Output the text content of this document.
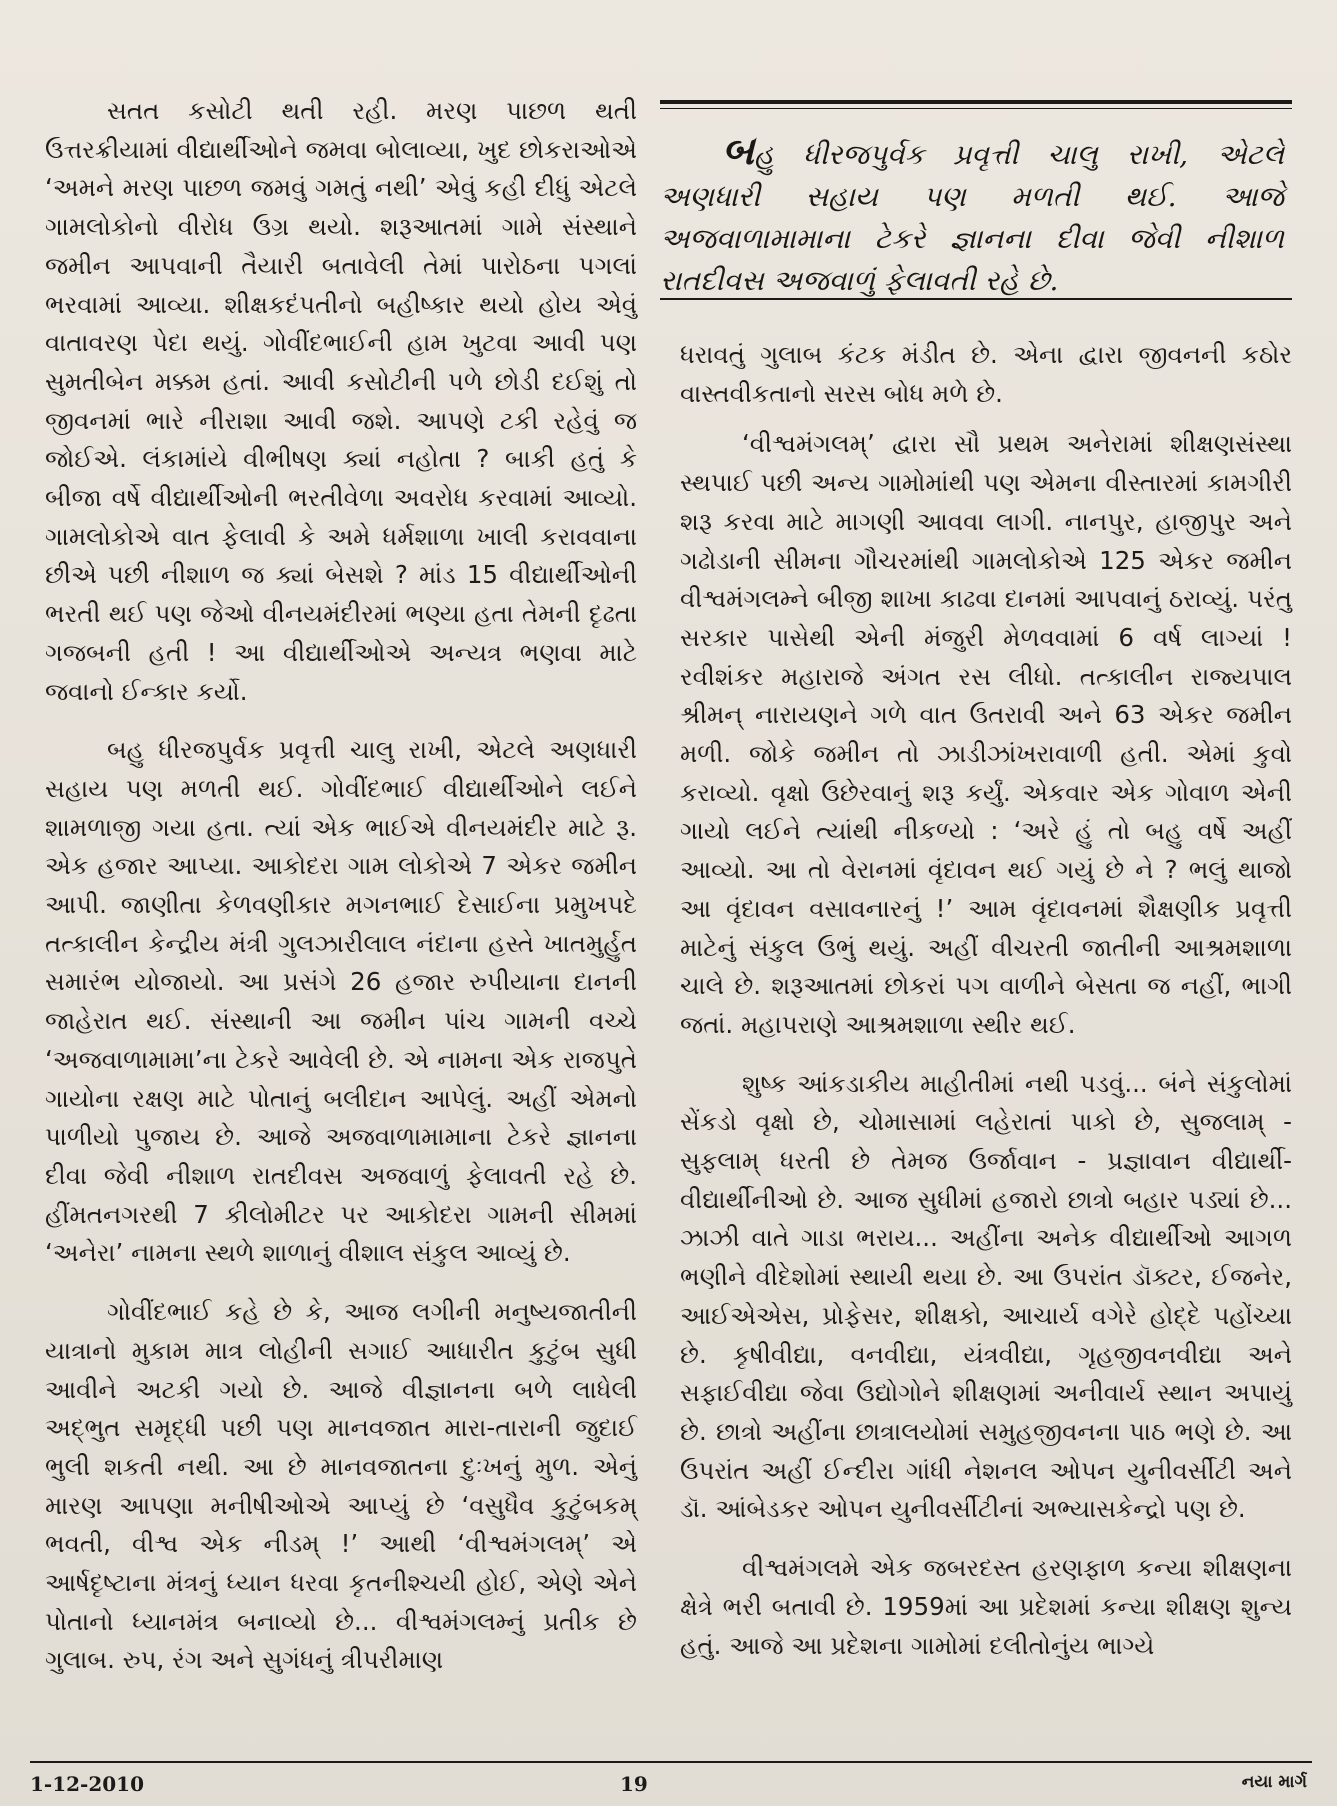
સતત કસોટી થતી રહી. મરણ પાછળ થતી ઉત્તરક્રીયામાં વીદ્યાર્થીઓને જમવા બોલાવ્યા, ખુદ છોકરાઓએ ‘અમને મરણ પાછળ જમવું ગમતું નથી’ એવું કહી દીધું એટલે ગામલોકોનો વીરોધ ઉગ્ર થયો. શરૂઆતમાં ગામે સંસ્થાને જમીન આપવાની તૈયારી બતાવેલી તેમાં પારોઠના પગલાં ભરવામાં આવ્યા. શીક્ષકદંપતીનો બહીષ્કાર થયો હોય એવું વાતાવરણ પેદા થયું. ગોવીંદભાઈની હામ ખુટવા આવી પણ સુમતીબેન મક્કમ હતાં. આવી કસોટીની પળે છોડી દઈશું તો જીવનમાં ભારે નીરાશા આવી જશે. આપણે ટકી રહેવું જ જોઈએ. લંકામાંયે વીભીષણ ક્યાં નહોતા ? બાકી હતું કે બીજા વર્ષે વીદ્યાર્થીઓની ભરતીવેળા અવરોધ કરવામાં આવ્યો. ગામલોકોએ વાત ફેલાવી કે અમે ધર્મશાળા ખાલી કરાવવાના છીએ પછી નીશાળ જ ક્યાં બેસશે ? માંડ 15 વીદ્યાર્થીઓની ભરતી થઈ પણ જેઓ વીનયમંદીરમાં ભણ્યા હતા તેમની દૃઢતા ગજબની હતી ! આ વીદ્યાર્થીઓએ અન્યત્ર ભણવા માટે જવાનો ઈન્કાર કર્યો.

બહુ ધીરજપુર્વક પ્રવૃત્તી ચાલુ રાખી, એટલે અણધારી સહાય પણ મળતી થઈ. ગોવીંદભાઈ વીદ્યાર્થીઓને લઈને શામળાજી ગયા હતા. ત્યાં એક ભાઈએ વીનયમંદીર માટે રૂ. એક હજાર આપ્યા. આકોદરા ગામ લોકોએ 7 એકર જમીન આપી. જાણીતા કેળવણીકાર મગનભાઈ દેસાઈના પ્રમુખપદે તત્કાલીન કેન્દ્રીય મંત્રી ગુલઝારીલાલ નંદાના હસ્તે ખાતમુર્હુત સમારંભ યોજાયો. આ પ્રસંગે 26 હજાર રુપીયાના દાનની જાહેરાત થઈ. સંસ્થાની આ જમીન પાંચ ગામની વચ્ચે ‘અજવાળામામા’ના ટેકરે આવેલી છે. એ નામના એક રાજપુતે ગાયોના રક્ષણ માટે પોતાનું બલીદાન આપેલું. અહીં એમનો પાળીયો પુજાય છે. આજે અજવાળામામાના ટેકરે જ્ઞાનના દીવા જેવી નીશાળ રાતદીવસ અજવાળું ફેલાવતી રહે છે. હીંમતનગરથી 7 કીલોમીટર પર આકોદરા ગામની સીમમાં ‘અનેરા’ નામના સ્થળે શાળાનું વીશાલ સંકુલ આવ્યું છે.

ગોવીંદભાઈ કહે છે કે, આજ લગીની મનુષ્યજાતીની યાત્રાનો મુકામ માત્ર લોહીની સગાઈ આધારીત કુટુંબ સુધી આવીને અટકી ગયો છે. આજે વીજ્ઞાનના બળે લાધેલી અદ્ભુત સમૃદ્ધી પછી પણ માનવજાત મારા-તારાની જુદાઈ ભુલી શકતી નથી. આ છે માનવજાતના દુઃખનું મુળ. એનું મારણ આપણા મનીષીઓએ આપ્યું છે ‘વસુધૈવ કુટુંબકમ્ ભવતી, વીશ્વ એક નીડમ્ !’ આથી ‘વીશ્વમંગલમ્’ એ આર્ષદૃષ્ટાના મંત્રનું ધ્યાન ધરવા કૃતનીશ્ચયી હોઈ, એણે એને પોતાનો ધ્યાનમંત્ર બનાવ્યો છે... વીશ્વમંગલમ્નું પ્રતીક છે ગુલાબ. રુપ, રંગ અને સુગંધનું ત્રીપરીમાણ

બહુ ધીરજપુર્વક પ્રવૃત્તી ચાલુ રાખી, એટલે અણધારી સહાય પણ મળતી થઈ. આજે અજવાળામામાના ટેકરે જ્ઞાનના દીવા જેવી નીશાળ રાતદીવસ અજવાળું ફેલાવતી રહે છે.

ધરાવતું ગુલાબ કંટક મંડીત છે. એના દ્વારા જીવનની કઠોર વાસ્તવીકતાનો સરસ બોધ મળે છે.

‘વીશ્વમંગલમ્’ દ્વારા સૌ પ્રથમ અનેરામાં શીક્ષણસંસ્થા સ્થપાઈ પછી અન્ય ગામોમાંથી પણ એમના વીસ્તારમાં કામગીરી શરૂ કરવા માટે માગણી આવવા લાગી. નાનપુર, હાજીપુર અને ગઢોડાની સીમના ગૌચરમાંથી ગામલોકોએ 125 એકર જમીન વીશ્વમંગલમ્ને બીજી શાખા કાઢવા દાનમાં આપવાનું ઠરાવ્યું. પરંતુ સરકાર પાસેથી એની મંજુરી મેળવવામાં 6 વર્ષ લાગ્યાં ! રવીશંકર મહારાજે અંગત રસ લીધો. તત્કાલીન રાજ્યપાલ શ્રીમન્ નારાયણને ગળે વાત ઉતરાવી અને 63 એકર જમીન મળી. જોકે જમીન તો ઝાડીઝાંખરાવાળી હતી. એમાં કુવો કરાવ્યો. વૃક્ષો ઉછેરવાનું શરૂ કર્યું. એકવાર એક ગોવાળ એની ગાયો લઈને ત્યાંથી નીકળ્યો : ‘અરે હું તો બહુ વર્ષે અહીં આવ્યો. આ તો વેરાનમાં વૃંદાવન થઈ ગયું છે ને ? ભલું થાજો આ વૃંદાવન વસાવનારનું !’ આમ વૃંદાવનમાં શૈક્ષણીક પ્રવૃત્તી માટેનું સંકુલ ઉભું થયું. અહીં વીચરતી જાતીની આશ્રમશાળા ચાલે છે. શરૂઆતમાં છોકરાં પગ વાળીને બેસતા જ નહીં, ભાગી જતાં. મહાપરાણે આશ્રમશાળા સ્થીર થઈ.

શુષ્ક આંકડાકીય માહીતીમાં નથી પડવું... બંને સંકુલોમાં સેંકડો વૃક્ષો છે, ચોમાસામાં લહેરાતાં પાકો છે, સુજલામ્ - સુફલામ્ ધરતી છે તેમજ ઉર્જાવાન - પ્રજ્ઞાવાન વીદ્યાર્થી-વીદ્યાર્થીનીઓ છે. આજ સુધીમાં હજારો છાત્રો બહાર પડ્યાં છે... ઝાઝી વાતે ગાડા ભરાય... અહીંના અનેક વીદ્યાર્થીઓ આગળ ભણીને વીદેશોમાં સ્થાયી થયા છે. આ ઉપરાંત ડૉક્ટર, ઈજનેર, આઈએએસ, પ્રોફેસર, શીક્ષકો, આચાર્ય વગેરે હોદ્દે પહોંચ્યા છે. કૃષીવીદ્યા, વનવીદ્યા, યંત્રવીદ્યા, ગૃહજીવનવીદ્યા અને સફાઈવીદ્યા જેવા ઉદ્યોગોને શીક્ષણમાં અનીવાર્ય સ્થાન અપાયું છે. છાત્રો અહીંના છાત્રાલયોમાં સમુહજીવનના પાઠ ભણે છે. આ ઉપરાંત અહીં ઈન્દીરા ગાંધી નેશનલ ઓપન યુનીવર્સીટી અને ડૉ. આંબેડકર ઓપન યુનીવર્સીટીનાં અભ્યાસકેન્દ્રો પણ છે.

વીશ્વમંગલમે એક જબરદસ્ત હરણફાળ કન્યા શીક્ષણના ક્ષેત્રે ભરી બતાવી છે. 1959માં આ પ્રદેશમાં કન્યા શીક્ષણ શુન્ય હતું. આજે આ પ્રદેશના ગામોમાં દલીતોનુંય ભાગ્યે

1-12-2010	19	નયા માર્ગ
